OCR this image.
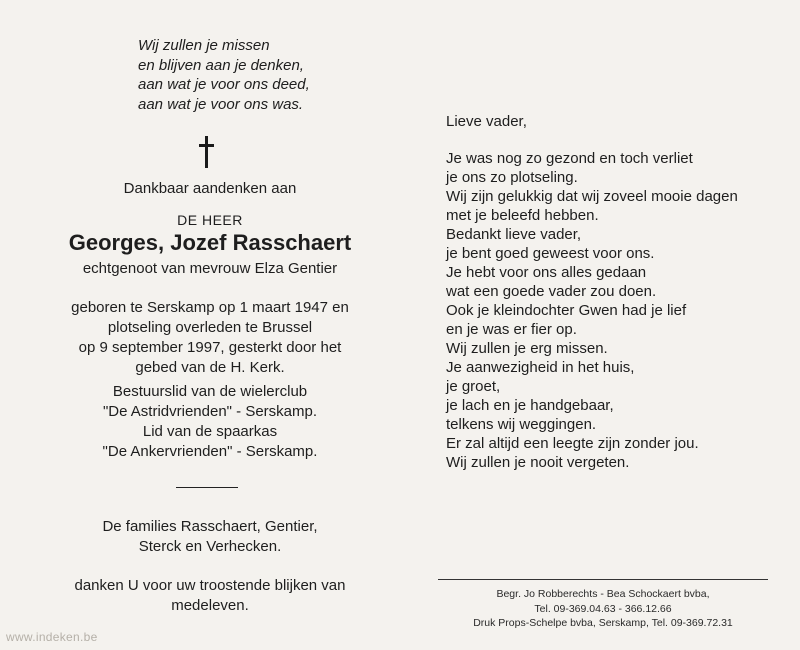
Wij zullen je missen
en blijven aan je denken,
aan wat je voor ons deed,
aan wat je voor ons was.
Dankbaar aandenken aan
DE HEER
Georges, Jozef Rasschaert
echtgenoot van mevrouw Elza Gentier
geboren te Serskamp op 1 maart 1947 en
plotseling overleden te Brussel
op 9 september 1997, gesterkt door het
gebed van de H. Kerk.
Bestuurslid van de wielerclub
"De Astridvrienden" - Serskamp.
Lid van de spaarkas
"De Ankervrienden" - Serskamp.
De families Rasschaert, Gentier,
Sterck en Verhecken.
danken U voor uw troostende blijken van
medeleven.
www.indeken.be
Lieve vader,
Je was nog zo gezond en toch verliet
je ons zo plotseling.
Wij zijn gelukkig dat wij zoveel mooie dagen
met je beleefd hebben.
Bedankt lieve vader,
je bent goed geweest voor ons.
Je hebt voor ons alles gedaan
wat een goede vader zou doen.
Ook je kleindochter Gwen had je lief
en je was er fier op.
Wij zullen je erg missen.
Je aanwezigheid in het huis,
je groet,
je lach en je handgebaar,
telkens wij weggingen.
Er zal altijd een leegte zijn zonder jou.
Wij zullen je nooit vergeten.
Begr. Jo Robberechts - Bea Schockaert bvba,
Tel. 09-369.04.63 - 366.12.66
Druk Props-Schelpe bvba, Serskamp, Tel. 09-369.72.31
